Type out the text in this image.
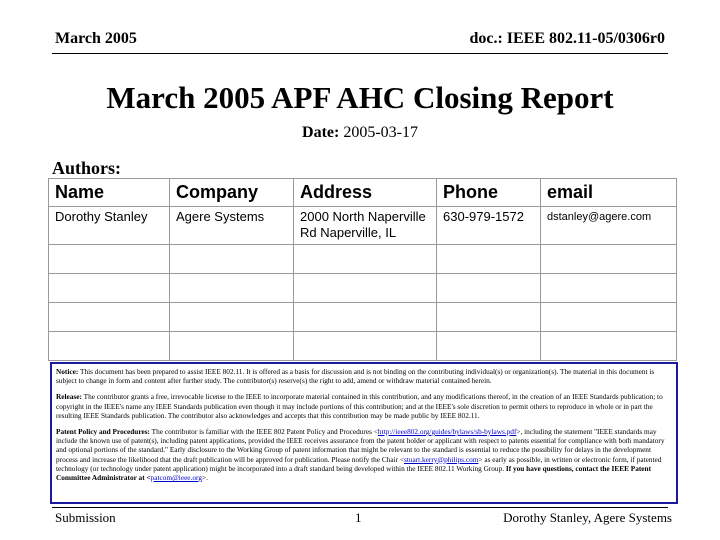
March 2005	doc.: IEEE 802.11-05/0306r0
March 2005 APF AHC Closing Report
Date: 2005-03-17
Authors:
Name	Company	Address	Phone	email
Dorothy Stanley	Agere Systems	2000 North Naperville Rd Naperville, IL	630-979-1572	dstanley@agere.com

Notice: This document has been prepared to assist IEEE 802.11. It is offered as a basis for discussion and is not binding on the contributing individual(s) or organization(s). The material in this document is subject to change in form and content after further study. The contributor(s) reserve(s) the right to add, amend or withdraw material contained herein.

Release: The contributor grants a free, irrevocable license to the IEEE to incorporate material contained in this contribution, and any modifications thereof, in the creation of an IEEE Standards publication; to copyright in the IEEE's name any IEEE Standards publication even though it may include portions of this contribution; and at the IEEE's sole discretion to permit others to reproduce in whole or in part the resulting IEEE Standards publication. The contributor also acknowledges and accepts that this contribution may be made public by IEEE 802.11.

Patent Policy and Procedures: The contributor is familiar with the IEEE 802 Patent Policy and Procedures <http://ieee802.org/guides/bylaws/sb-bylaws.pdf>, including the statement "IEEE standards may include the known use of patent(s), including patent applications, provided the IEEE receives assurance from the patent holder or applicant with respect to patents essential for compliance with both mandatory and optional portions of the standard." Early disclosure to the Working Group of patent information that might be relevant to the standard is essential to reduce the possibility for delays in the development process and increase the likelihood that the draft publication will be approved for publication. Please notify the Chair <stuart.kerry@philips.com> as early as possible, in written or electronic form, if patented technology (or technology under patent application) might be incorporated into a draft standard being developed within the IEEE 802.11 Working Group. If you have questions, contact the IEEE Patent Committee Administrator at <patcom@ieee.org>.

Submission	1	Dorothy Stanley, Agere Systems
